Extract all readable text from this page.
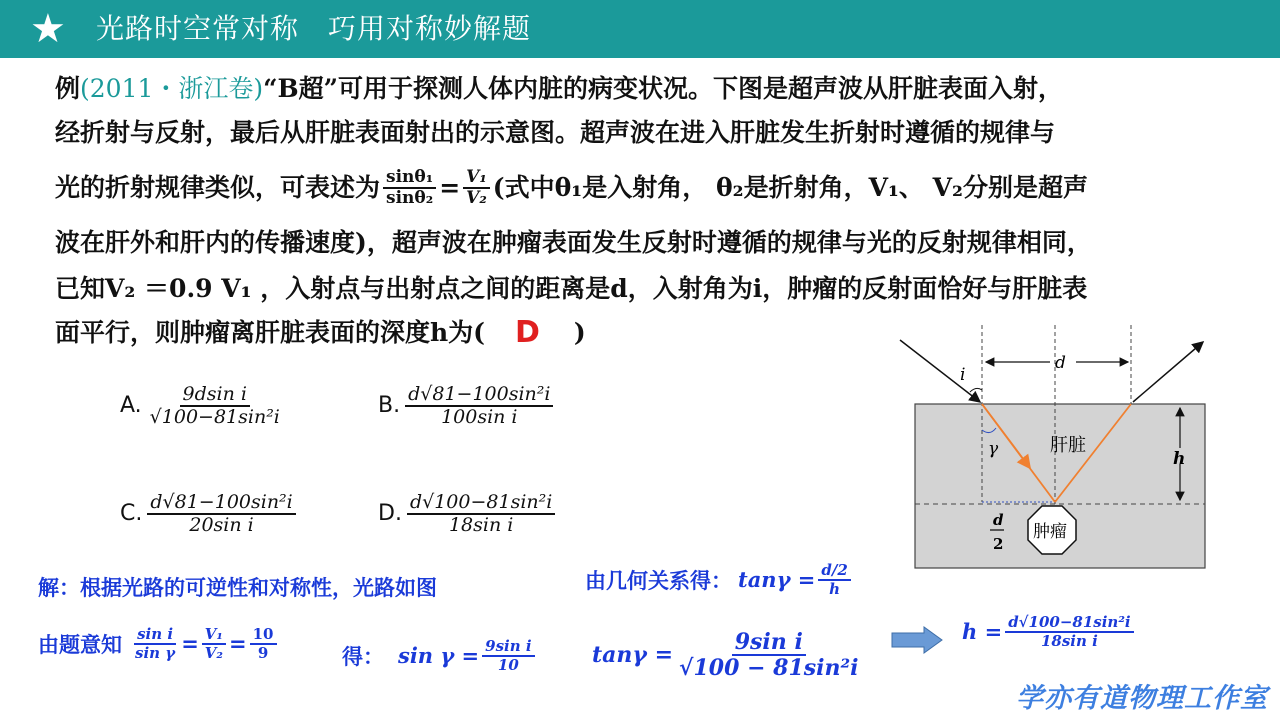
★ 光路时空常对称　巧用对称妙解题
例(2011・浙江卷)“B超”可用于探测人体内脏的病变状况。下图是超声波从肝脏表面入射，
经折射与反射，最后从肝脏表面射出的示意图。超声波在进入肝脏发生折射时遵循的规律与
光的折射规律类似，可表述为 $\frac{\text{sinθ₁}}{\text{sinθ₂}} = \frac{\text{V₁}}{\text{V₂}}$ (式中θ₁是入射角， θ₂是折射角，V₁、 V₂分别是超声
波在肝外和肝内的传播速度)，超声波在肿瘤表面发生反射时遵循的规律与光的反射规律相同，
已知V₂ ＝0.9 V₁ ，入射点与出射点之间的距离是d，入射角为i，肿瘤的反射面恰好与肝脏表
面平行，则肿瘤离肝脏表面的深度h为( D )
A. $\frac{\text{9dsin i}}{\text{√100−81sin²i}}$	B. $\frac{\text{d√81−100sin²i}}{\text{100sin i}}$
C. $\frac{\text{d√81−100sin²i}}{\text{20sin i}}$	D. $\frac{\text{d√100−81sin²i}}{\text{18sin i}}$
i
d
γ	h
肝脏
肿瘤
d
2
解：根据光路的可逆性和对称性，光路如图	由几何关系得： $\tan\gamma = \frac{d/2}{h}$
由题意知 $\frac{\text{sin i}}{\text{sin γ}} = \frac{\text{V₁}}{\text{V₂}} = \frac{10}{9}$	得： $\sin \gamma = \frac{\text{9sin i}}{10}$	$\tan\gamma = \frac{\text{9sin i}}{\text{√100 − 81sin²i}}$	$h = \frac{\text{d√100−81sin²i}}{\text{18sin i}}$
学亦有道物理工作室
